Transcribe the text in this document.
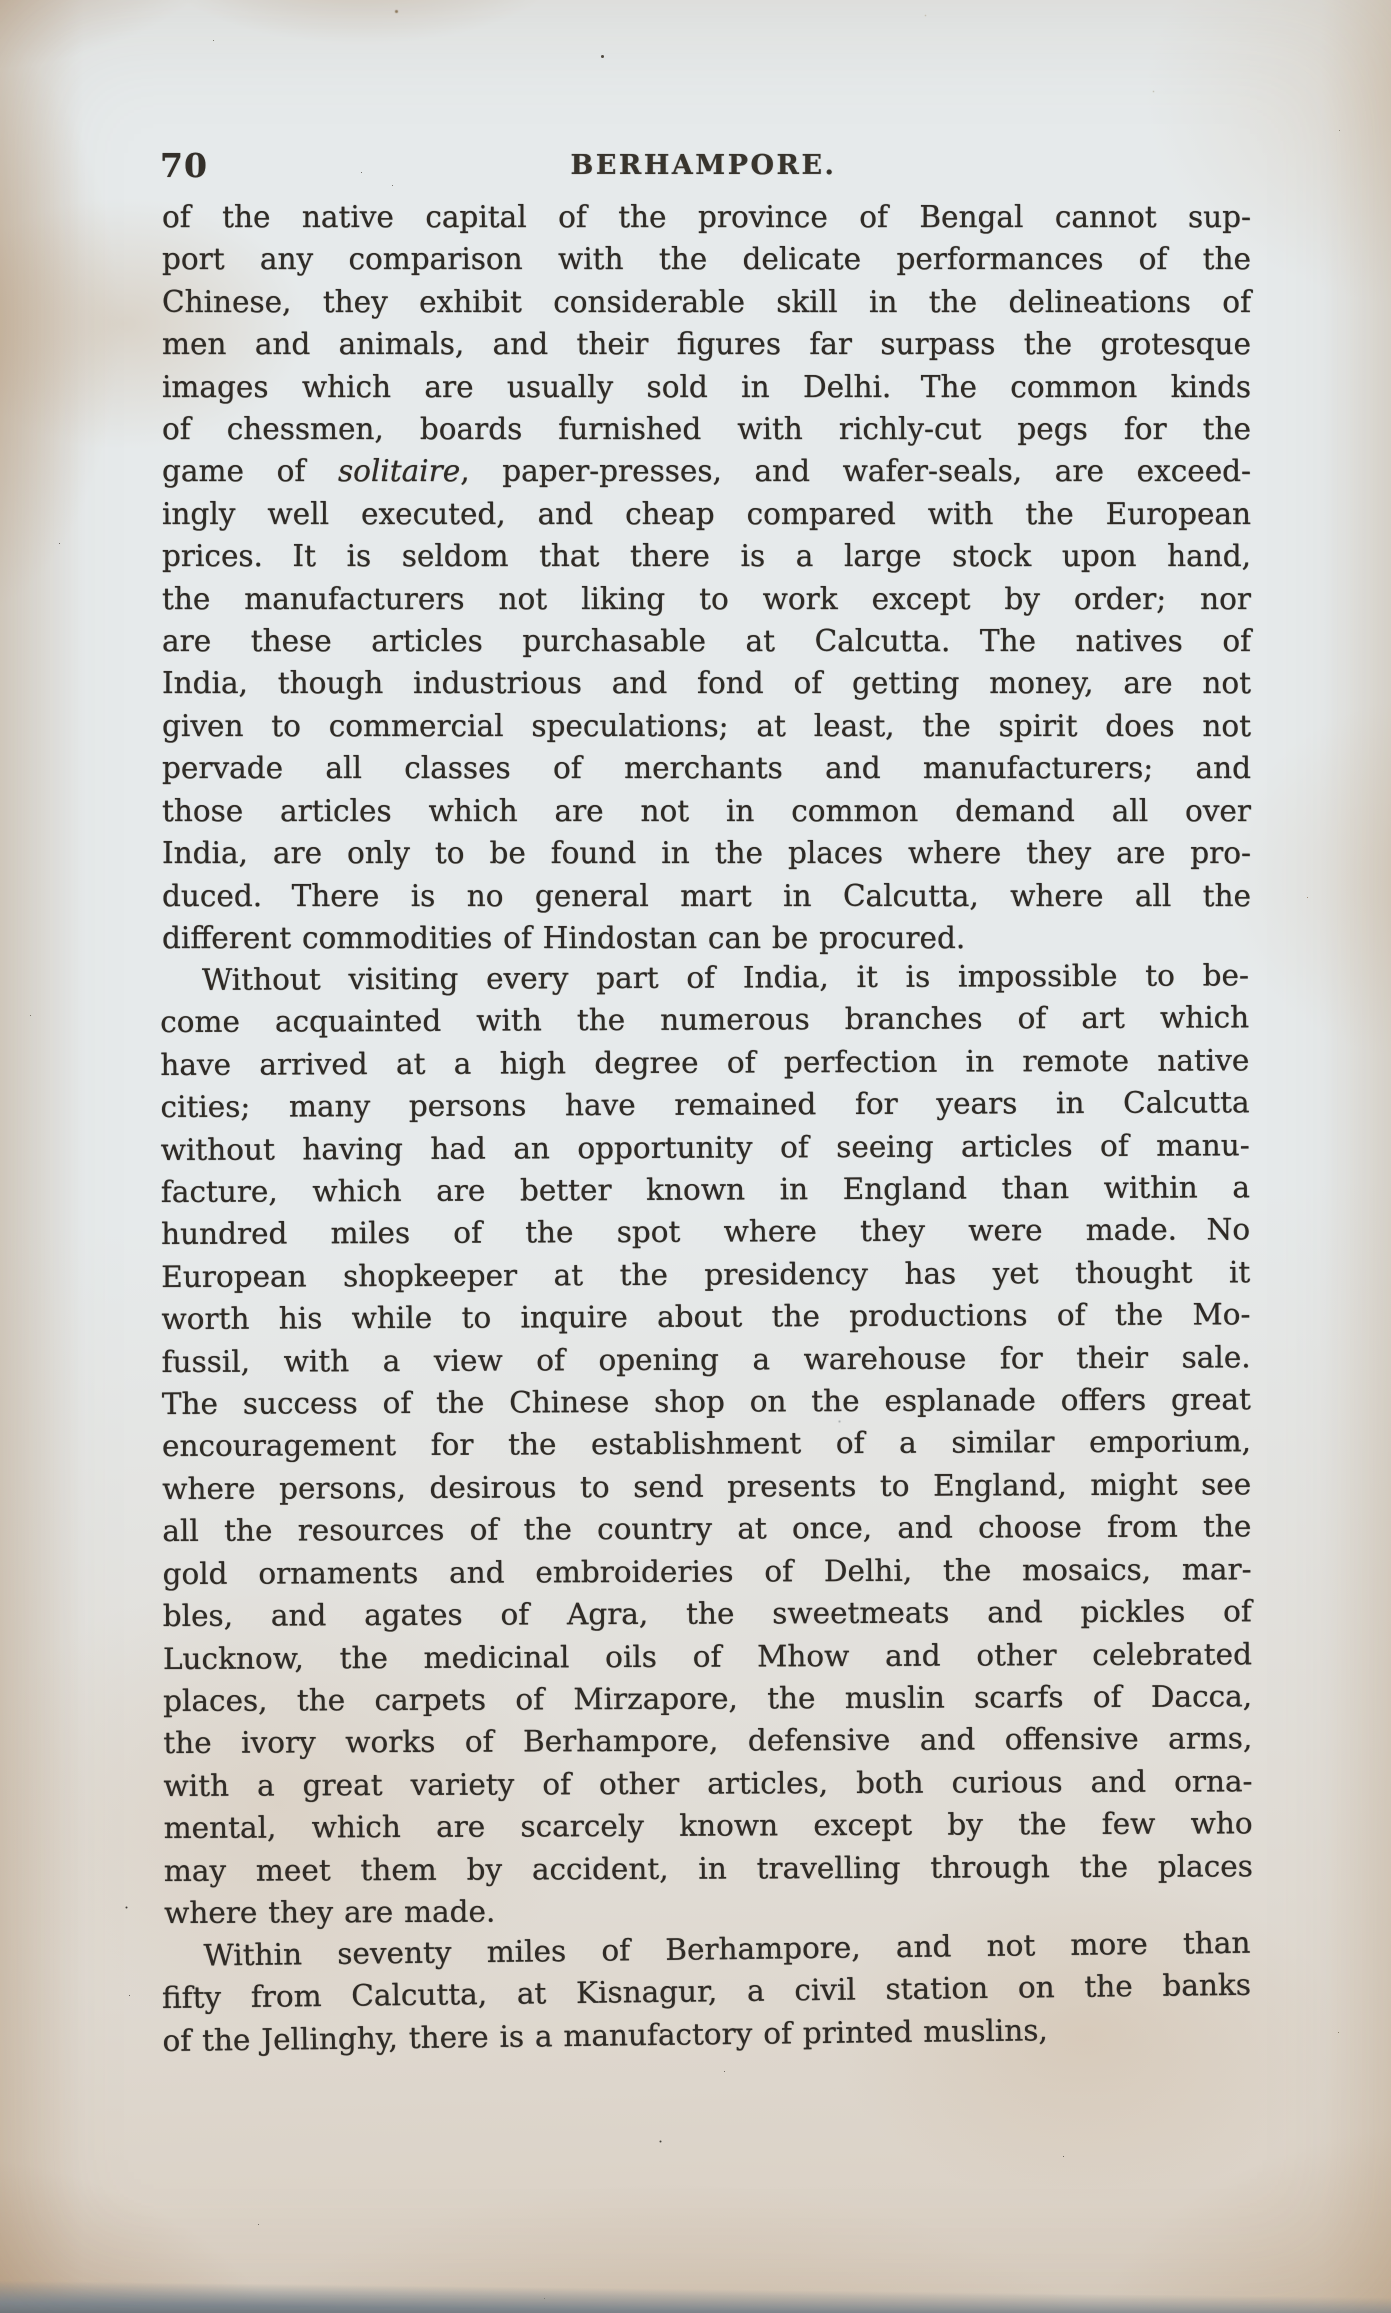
70	BERHAMPORE.

of the native capital of the province of Bengal cannot sup-
port any comparison with the delicate performances of the
Chinese, they exhibit considerable skill in the delineations of
men and animals, and their figures far surpass the grotesque
images which are usually sold in Delhi.  The common kinds
of chessmen, boards furnished with richly-cut pegs for the
game of solitaire, paper-presses, and wafer-seals, are exceed-
ingly well executed, and cheap compared with the European
prices.  It is seldom that there is a large stock upon hand,
the manufacturers not liking to work except by order; nor
are these articles purchasable at Calcutta.  The natives of
India, though industrious and fond of getting money, are not
given to commercial speculations; at least, the spirit does not
pervade all classes of merchants and manufacturers; and
those articles which are not in common demand all over
India, are only to be found in the places where they are pro-
duced.  There is no general mart in Calcutta, where all the
different commodities of Hindostan can be procured.

Without visiting every part of India, it is impossible to be-
come acquainted with the numerous branches of art which
have arrived at a high degree of perfection in remote native
cities; many persons have remained for years in Calcutta
without having had an opportunity of seeing articles of manu-
facture, which are better known in England than within a
hundred miles of the spot where they were made.  No
European shopkeeper at the presidency has yet thought it
worth his while to inquire about the productions of the Mo-
fussil, with a view of opening a warehouse for their sale.
The success of the Chinese shop on the esplanade offers great
encouragement for the establishment of a similar emporium,
where persons, desirous to send presents to England, might see
all the resources of the country at once, and choose from the
gold ornaments and embroideries of Delhi, the mosaics, mar-
bles, and agates of Agra, the sweetmeats and pickles of
Lucknow, the medicinal oils of Mhow and other celebrated
places, the carpets of Mirzapore, the muslin scarfs of Dacca,
the ivory works of Berhampore, defensive and offensive arms,
with a great variety of other articles, both curious and orna-
mental, which are scarcely known except by the few who
may meet them by accident, in travelling through the places
where they are made.

Within seventy miles of Berhampore, and not more than
fifty from Calcutta, at Kisnagur, a civil station on the banks
of the Jellinghy, there is a manufactory of printed muslins,
